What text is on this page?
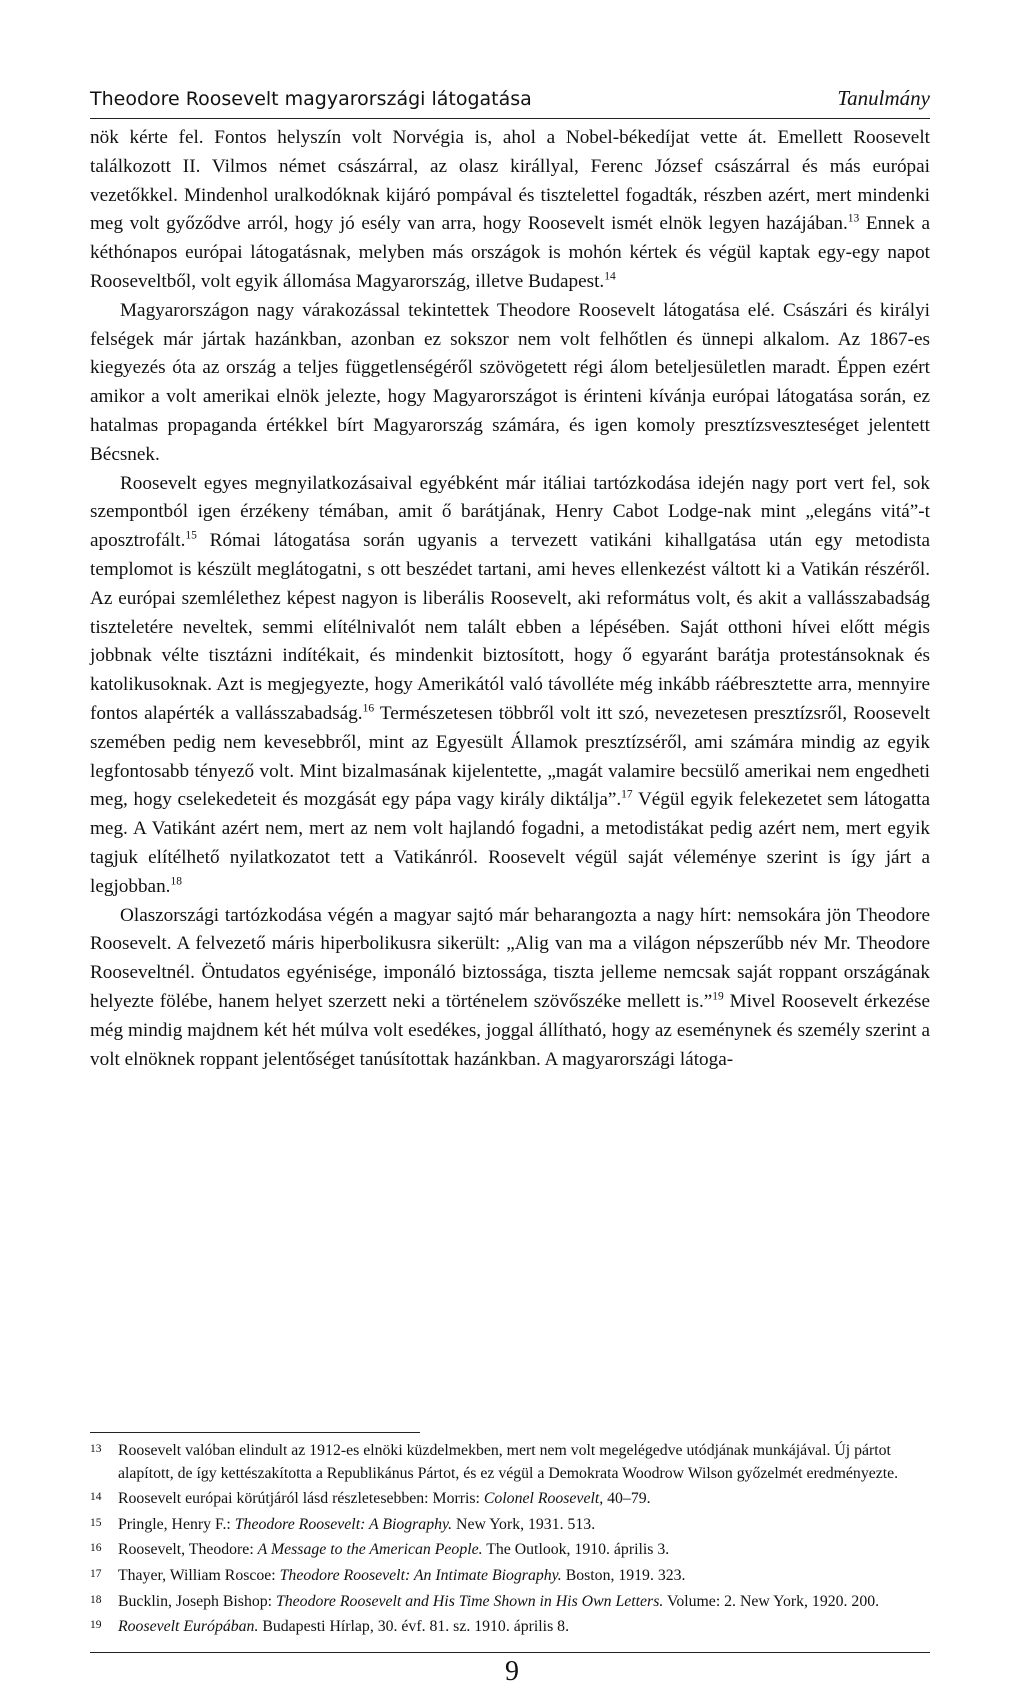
Theodore Roosevelt magyarországi látogatása	Tanulmány

nök kérte fel. Fontos helyszín volt Norvégia is, ahol a Nobel-békedíjat vette át. Emellett Roosevelt találkozott II. Vilmos német császárral, az olasz királlyal, Ferenc József császárral és más európai vezetőkkel. Mindenhol uralkodóknak kijáró pompával és tisztelettel fogadták, részben azért, mert mindenki meg volt győződve arról, hogy jó esély van arra, hogy Roosevelt ismét elnök legyen hazájában.$^{13}$ Ennek a kéthónapos európai látogatásnak, melyben más országok is mohón kértek és végül kaptak egy-egy napot Rooseveltből, volt egyik állomása Magyarország, illetve Budapest.$^{14}$

Magyarországon nagy várakozással tekintettek Theodore Roosevelt látogatása elé. Császári és királyi felségek már jártak hazánkban, azonban ez sokszor nem volt felhőtlen és ünnepi alkalom. Az 1867-es kiegyezés óta az ország a teljes függetlenségéről szövögetett régi álom beteljesületlen maradt. Éppen ezért amikor a volt amerikai elnök jelezte, hogy Magyarországot is érinteni kívánja európai látogatása során, ez hatalmas propaganda értékkel bírt Magyarország számára, és igen komoly presztízsveszteséget jelentett Bécsnek.

Roosevelt egyes megnyilatkozásaival egyébként már itáliai tartózkodása idején nagy port vert fel, sok szempontból igen érzékeny témában, amit ő barátjának, Henry Cabot Lodge-nak mint „elegáns vitá”-t aposztrofált.$^{15}$ Római látogatása során ugyanis a tervezett vatikáni kihallgatása után egy metodista templomot is készült meglátogatni, s ott beszédet tartani, ami heves ellenkezést váltott ki a Vatikán részéről. Az európai szemlélethez képest nagyon is liberális Roosevelt, aki református volt, és akit a vallásszabadság tiszteletére neveltek, semmi elítélnivalót nem talált ebben a lépésében. Saját otthoni hívei előtt mégis jobbnak vélte tisztázni indítékait, és mindenkit biztosított, hogy ő egyaránt barátja protestánsoknak és katolikusoknak. Azt is megjegyezte, hogy Amerikától való távolléte még inkább ráébresztette arra, mennyire fontos alapérték a vallásszabadság.$^{16}$ Természetesen többről volt itt szó, nevezetesen presztízsről, Roosevelt szemében pedig nem kevesebbről, mint az Egyesült Államok presztízséről, ami számára mindig az egyik legfontosabb tényező volt. Mint bizalmasának kijelentette, „magát valamire becsülő amerikai nem engedheti meg, hogy cselekedeteit és mozgását egy pápa vagy király diktálja”.$^{17}$ Végül egyik felekezetet sem látogatta meg. A Vatikánt azért nem, mert az nem volt hajlandó fogadni, a metodistákat pedig azért nem, mert egyik tagjuk elítélhető nyilatkozatot tett a Vatikánról. Roosevelt végül saját véleménye szerint is így járt a legjobban.$^{18}$

Olaszországi tartózkodása végén a magyar sajtó már beharangozta a nagy hírt: nemsokára jön Theodore Roosevelt. A felvezető máris hiperbolikusra sikerült: „Alig van ma a világon népszerűbb név Mr. Theodore Rooseveltnél. Öntudatos egyénisége, imponáló biztossága, tiszta jelleme nemcsak saját roppant országának helyezte fölébe, hanem helyet szerzett neki a történelem szövőszéke mellett is.”$^{19}$ Mivel Roosevelt érkezése még mindig majdnem két hét múlva volt esedékes, joggal állítható, hogy az eseménynek és személy szerint a volt elnöknek roppant jelentőséget tanúsítottak hazánkban. A magyarországi látoga-

13	Roosevelt valóban elindult az 1912-es elnöki küzdelmekben, mert nem volt megelégedve utódjának munkájával. Új pártot alapított, de így kettészakította a Republikánus Pártot, és ez végül a Demokrata Woodrow Wilson győzelmét eredményezte.
14	Roosevelt európai körútjáról lásd részletesebben: Morris: Colonel Roosevelt, 40–79.
15	Pringle, Henry F.: Theodore Roosevelt: A Biography. New York, 1931. 513.
16	Roosevelt, Theodore: A Message to the American People. The Outlook, 1910. április 3.
17	Thayer, William Roscoe: Theodore Roosevelt: An Intimate Biography. Boston, 1919. 323.
18	Bucklin, Joseph Bishop: Theodore Roosevelt and His Time Shown in His Own Letters. Volume: 2. New York, 1920. 200.
19	Roosevelt Európában. Budapesti Hírlap, 30. évf. 81. sz. 1910. április 8.
9
